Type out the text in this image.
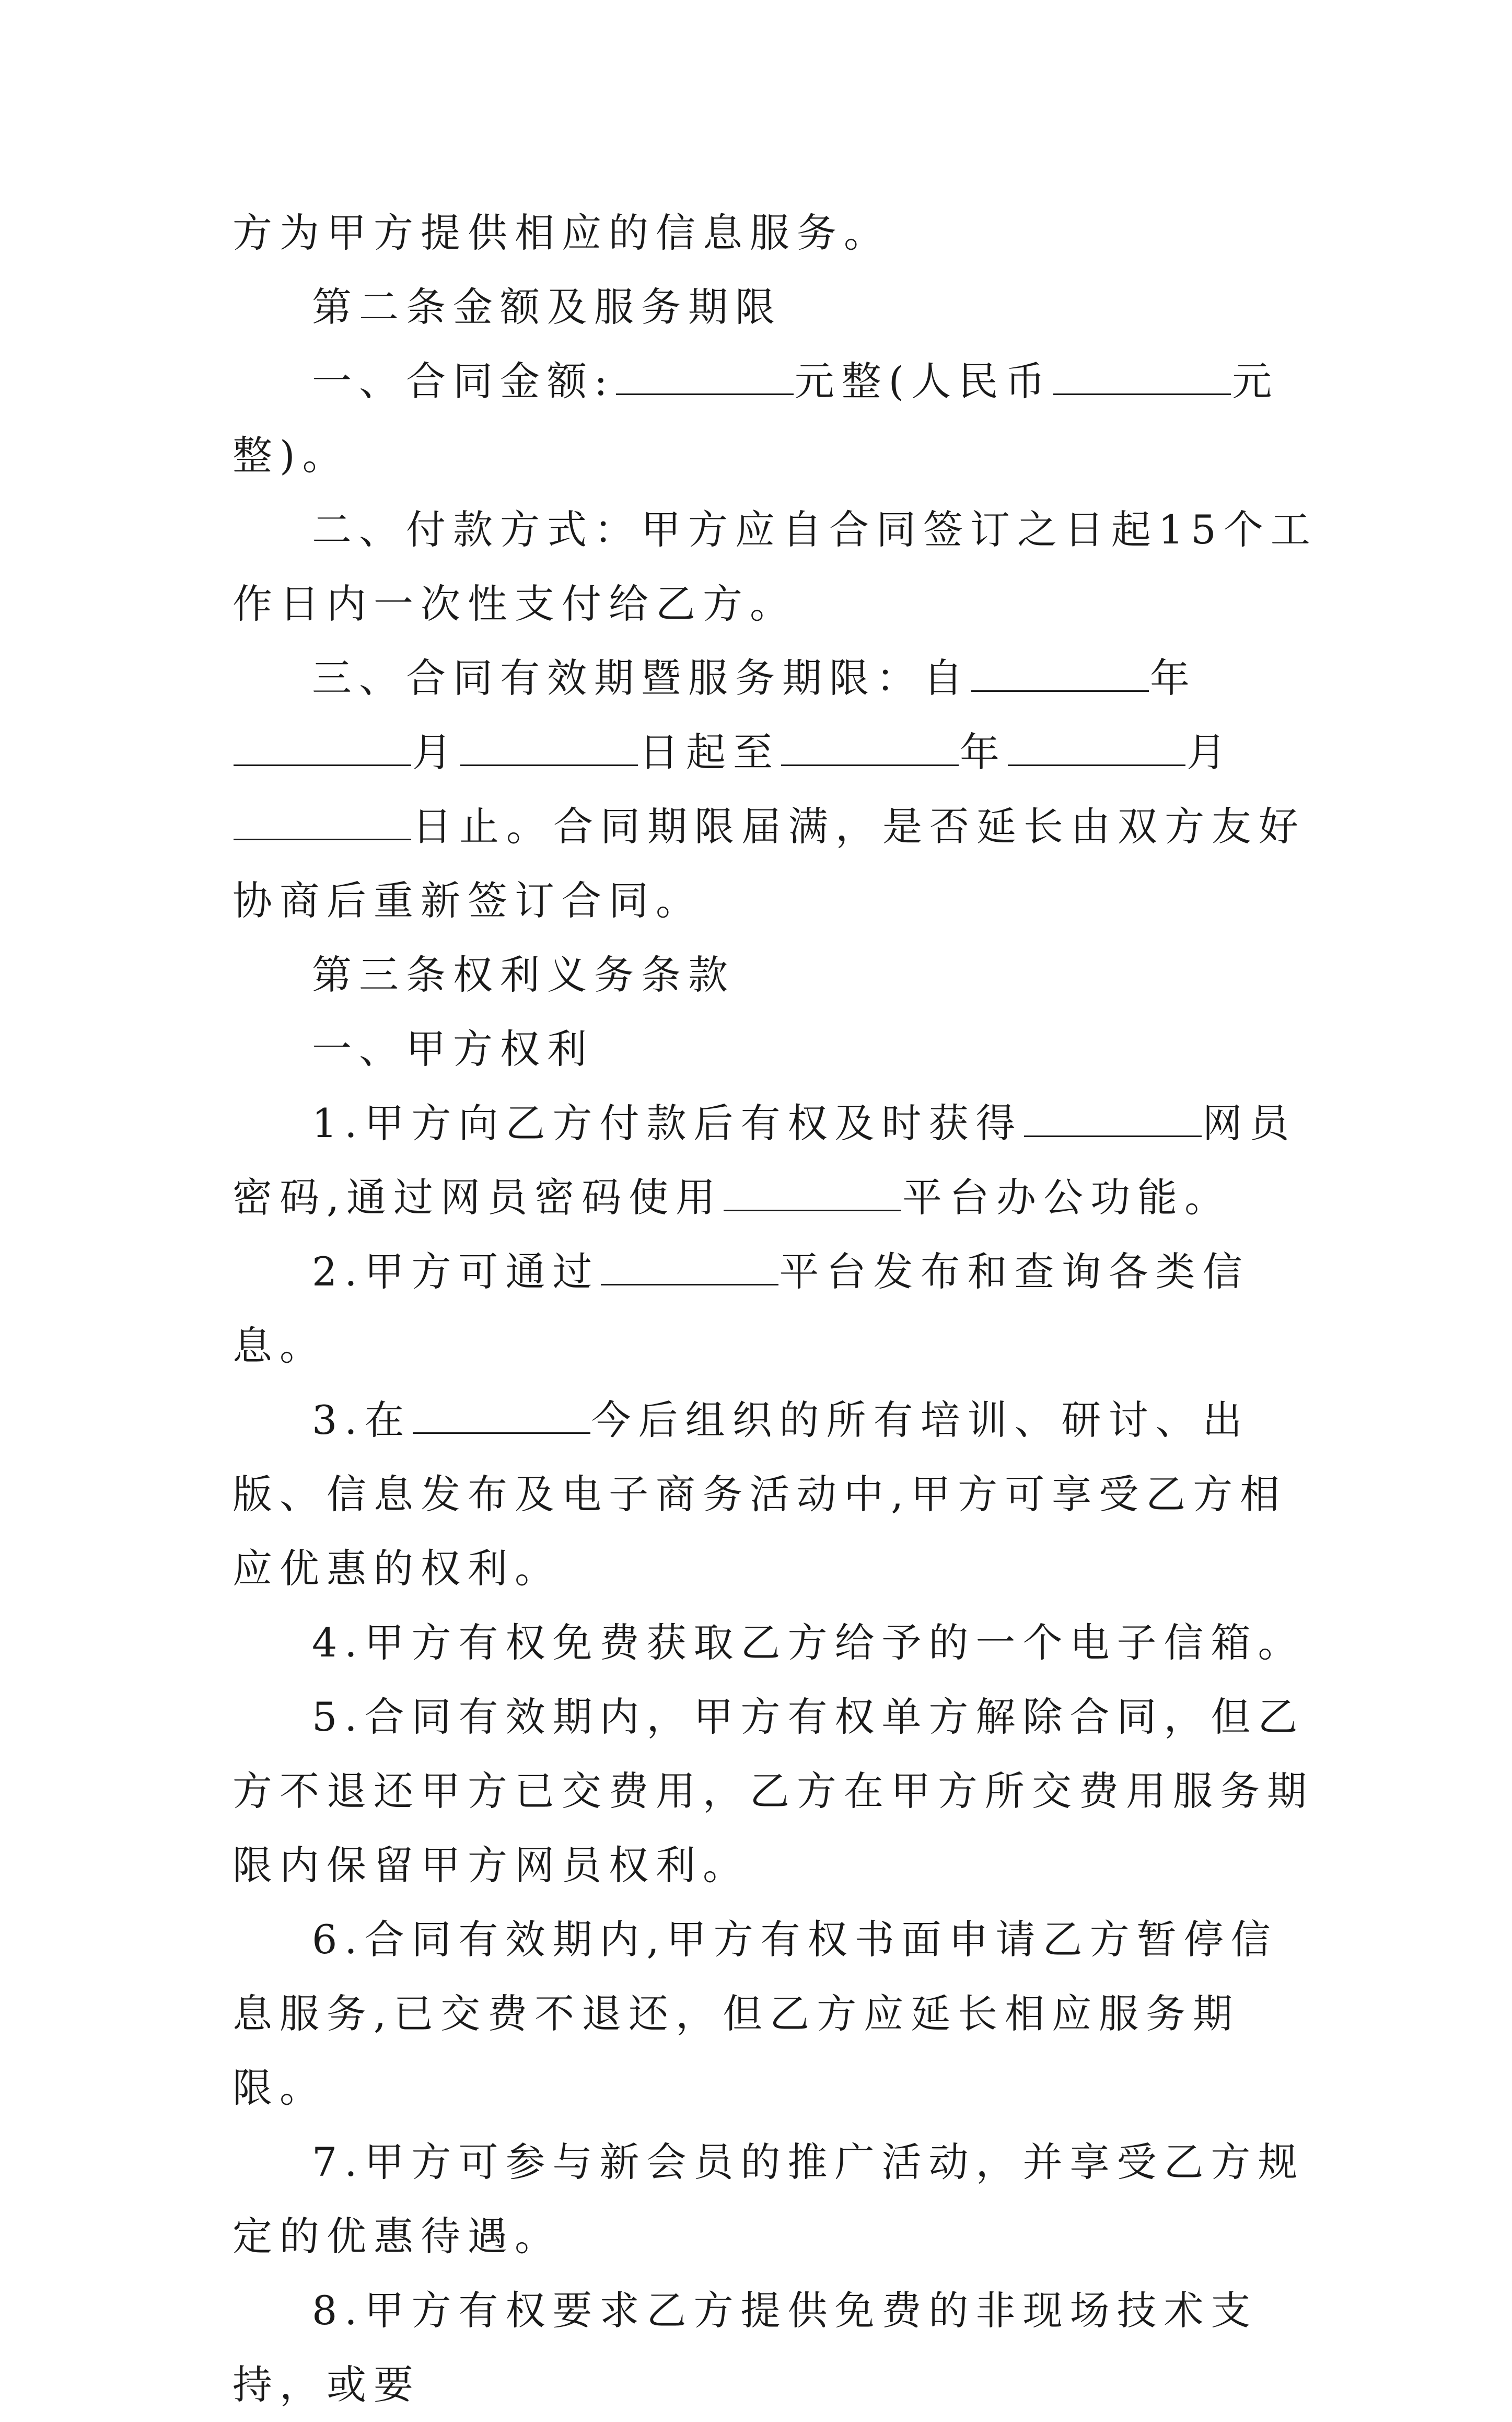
方为甲方提供相应的信息服务。

第二条金额及服务期限

一、合同金额:	元整(人民币	元整)。

二、付款方式：甲方应自合同签订之日起15个工作日内一次性支付给乙方。

三、合同有效期暨服务期限：自	年月	日起至	年	月日止。合同期限届满，是否延长由双方友好协商后重新签订合同。

第三条权利义务条款

一、甲方权利

1.甲方向乙方付款后有权及时获得	网员密码,通过网员密码使用	平台办公功能。

2.甲方可通过	平台发布和查询各类信息。

3.在	今后组织的所有培训、研讨、出版、信息发布及电子商务活动中,甲方可享受乙方相应优惠的权利。

4.甲方有权免费获取乙方给予的一个电子信箱。

5.合同有效期内，甲方有权单方解除合同，但乙方不退还甲方已交费用，乙方在甲方所交费用服务期限内保留甲方网员权利。

6.合同有效期内,甲方有权书面申请乙方暂停信息服务,已交费不退还，但乙方应延长相应服务期限。

7.甲方可参与新会员的推广活动，并享受乙方规定的优惠待遇。

8.甲方有权要求乙方提供免费的非现场技术支持，或要
